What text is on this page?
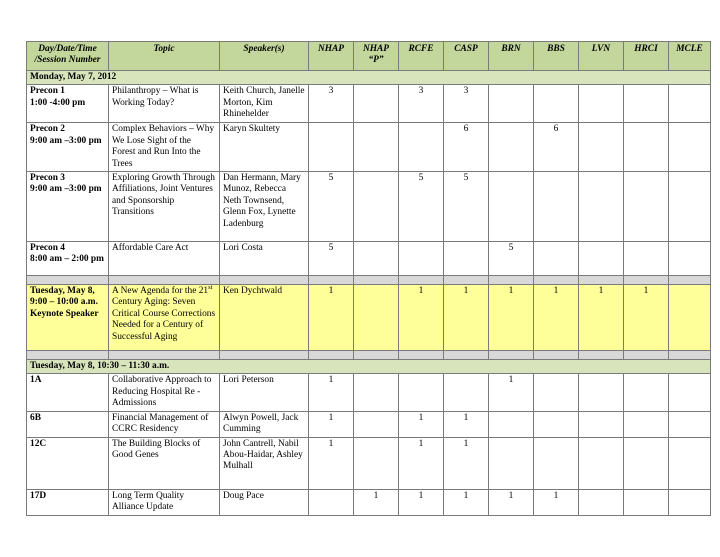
Day/Date/Time /Session Number	Topic	Speaker(s)	NHAP	NHAP “P”	RCFE	CASP	BRN	BBS	LVN	HRCI	MCLE
Monday, May 7, 2012											

Precon 1
1:00 -4:00 pm	Philanthropy – What is Working Today?	Keith Church, Janelle Morton, Kim Rhinehelder	3		3	3					

Precon 2
9:00 am –3:00 pm	Complex Behaviors – Why We Lose Sight of the Forest and Run Into the Trees	Karyn Skultety				6		6			

Precon 3
9:00 am –3:00 pm	Exploring Growth Through Affiliations, Joint Ventures and Sponsorship Transitions	Dan Hermann, Mary Munoz, Rebecca Neth Townsend, Glenn Fox, Lynette Ladenburg	5		5	5					

Precon 4
8:00 am – 2:00 pm	Affordable Care Act	Lori Costa	5				5				

Tuesday, May 8, 9:00 – 10:00 a.m.
Keynote Speaker	A New Agenda for the 21st Century Aging: Seven Critical Course Corrections Needed for a Century of Successful Aging	Ken Dychtwald	1		1	1	1	1	1	1	

Tuesday, May 8, 10:30 – 11:30 a.m.											

1A	Collaborative Approach to Reducing Hospital Re -Admissions	Lori Peterson	1				1				

6B	Financial Management of CCRC Residency	Alwyn Powell, Jack Cumming	1		1	1					

12C	The Building Blocks of Good Genes	John Cantrell, Nabil Abou-Haidar, Ashley Mulhall	1		1	1					

17D	Long Term Quality Alliance Update	Doug Pace		1	1	1	1	1			
